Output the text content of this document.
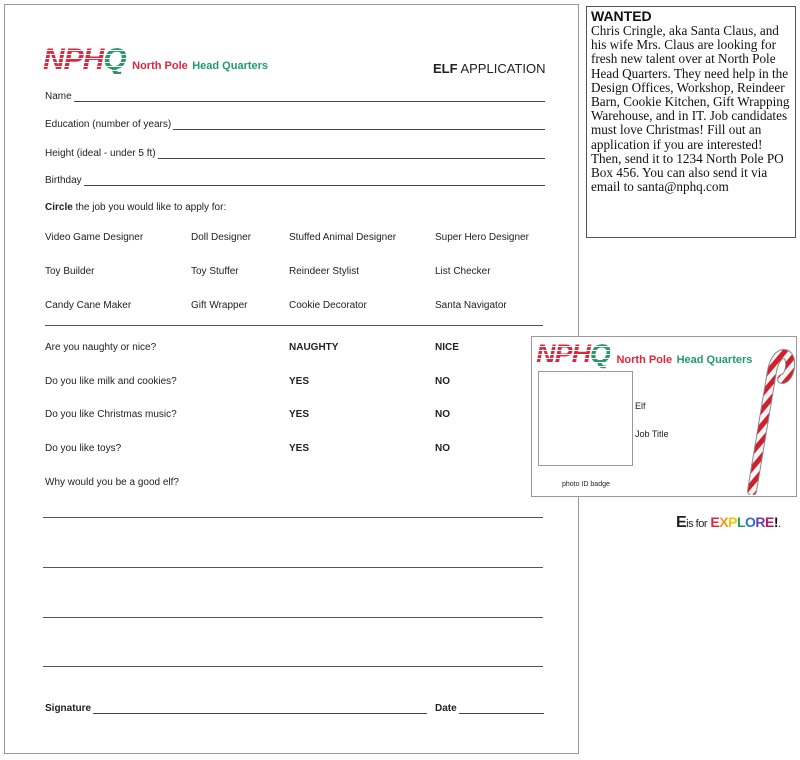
NPHQ North Pole Head Quarters	ELF APPLICATION
Name
Education (number of years)
Height (ideal - under 5 ft)
Birthday
Circle the job you would like to apply for:
Video Game Designer	Doll Designer	Stuffed Animal Designer	Super Hero Designer
Toy Builder	Toy Stuffer	Reindeer Stylist	List Checker
Candy Cane Maker	Gift Wrapper	Cookie Decorator	Santa Navigator
Are you naughty or nice?	NAUGHTY	NICE
Do you like milk and cookies?	YES	NO
Do you like Christmas music?	YES	NO
Do you like toys?	YES	NO
Why would you be a good elf?
Signature	Date
WANTED
Chris Cringle, aka Santa Claus, and his wife Mrs. Claus are looking for fresh new talent over at North Pole Head Quarters. They need help in the Design Offices, Workshop, Reindeer Barn, Cookie Kitchen, Gift Wrapping Warehouse, and in IT. Job candidates must love Christmas! Fill out an application if you are interested! Then, send it to 1234 North Pole PO Box 456. You can also send it via email to santa@nphq.com
NPHQ North Pole Head Quarters
Elf
Job Title
photo ID badge
Eis for EXPLORE!.
